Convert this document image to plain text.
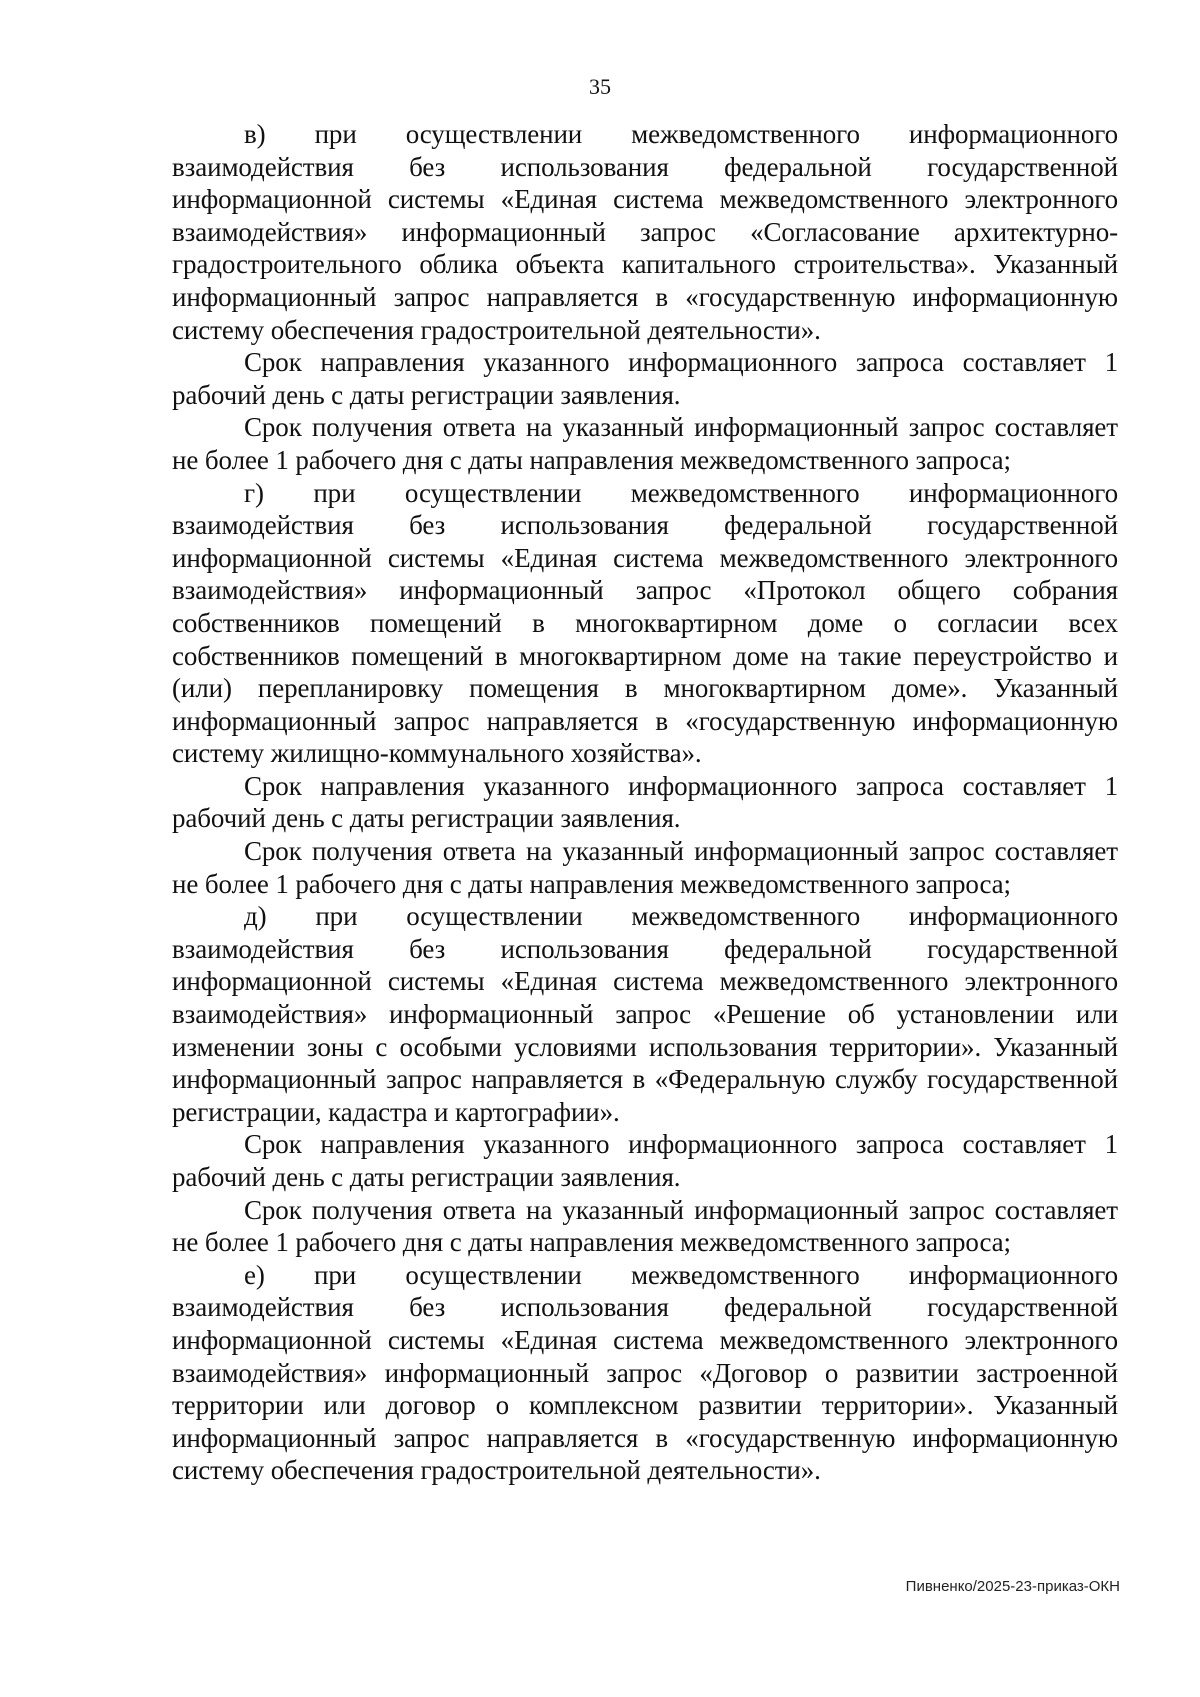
35

в) при осуществлении межведомственного информационного взаимодействия без использования федеральной государственной информационной системы «Единая система межведомственного электронного взаимодействия» информационный запрос «Согласование архитектурно-градостроительного облика объекта капитального строительства». Указанный информационный запрос направляется в «государственную информационную систему обеспечения градостроительной деятельности».

Срок направления указанного информационного запроса составляет 1 рабочий день с даты регистрации заявления.

Срок получения ответа на указанный информационный запрос составляет не более 1 рабочего дня с даты направления межведомственного запроса;

г) при осуществлении межведомственного информационного взаимодействия без использования федеральной государственной информационной системы «Единая система межведомственного электронного взаимодействия» информационный запрос «Протокол общего собрания собственников помещений в многоквартирном доме о согласии всех собственников помещений в многоквартирном доме на такие переустройство и (или) перепланировку помещения в многоквартирном доме». Указанный информационный запрос направляется в «государственную информационную систему жилищно-коммунального хозяйства».

Срок направления указанного информационного запроса составляет 1 рабочий день с даты регистрации заявления.

Срок получения ответа на указанный информационный запрос составляет не более 1 рабочего дня с даты направления межведомственного запроса;

д) при осуществлении межведомственного информационного взаимодействия без использования федеральной государственной информационной системы «Единая система межведомственного электронного взаимодействия» информационный запрос «Решение об установлении или изменении зоны с особыми условиями использования территории». Указанный информационный запрос направляется в «Федеральную службу государственной регистрации, кадастра и картографии».

Срок направления указанного информационного запроса составляет 1 рабочий день с даты регистрации заявления.

Срок получения ответа на указанный информационный запрос составляет не более 1 рабочего дня с даты направления межведомственного запроса;

е) при осуществлении межведомственного информационного взаимодействия без использования федеральной государственной информационной системы «Единая система межведомственного электронного взаимодействия» информационный запрос «Договор о развитии застроенной территории или договор о комплексном развитии территории». Указанный информационный запрос направляется в «государственную информационную систему обеспечения градостроительной деятельности».

Пивненко/2025-23-приказ-ОКН
